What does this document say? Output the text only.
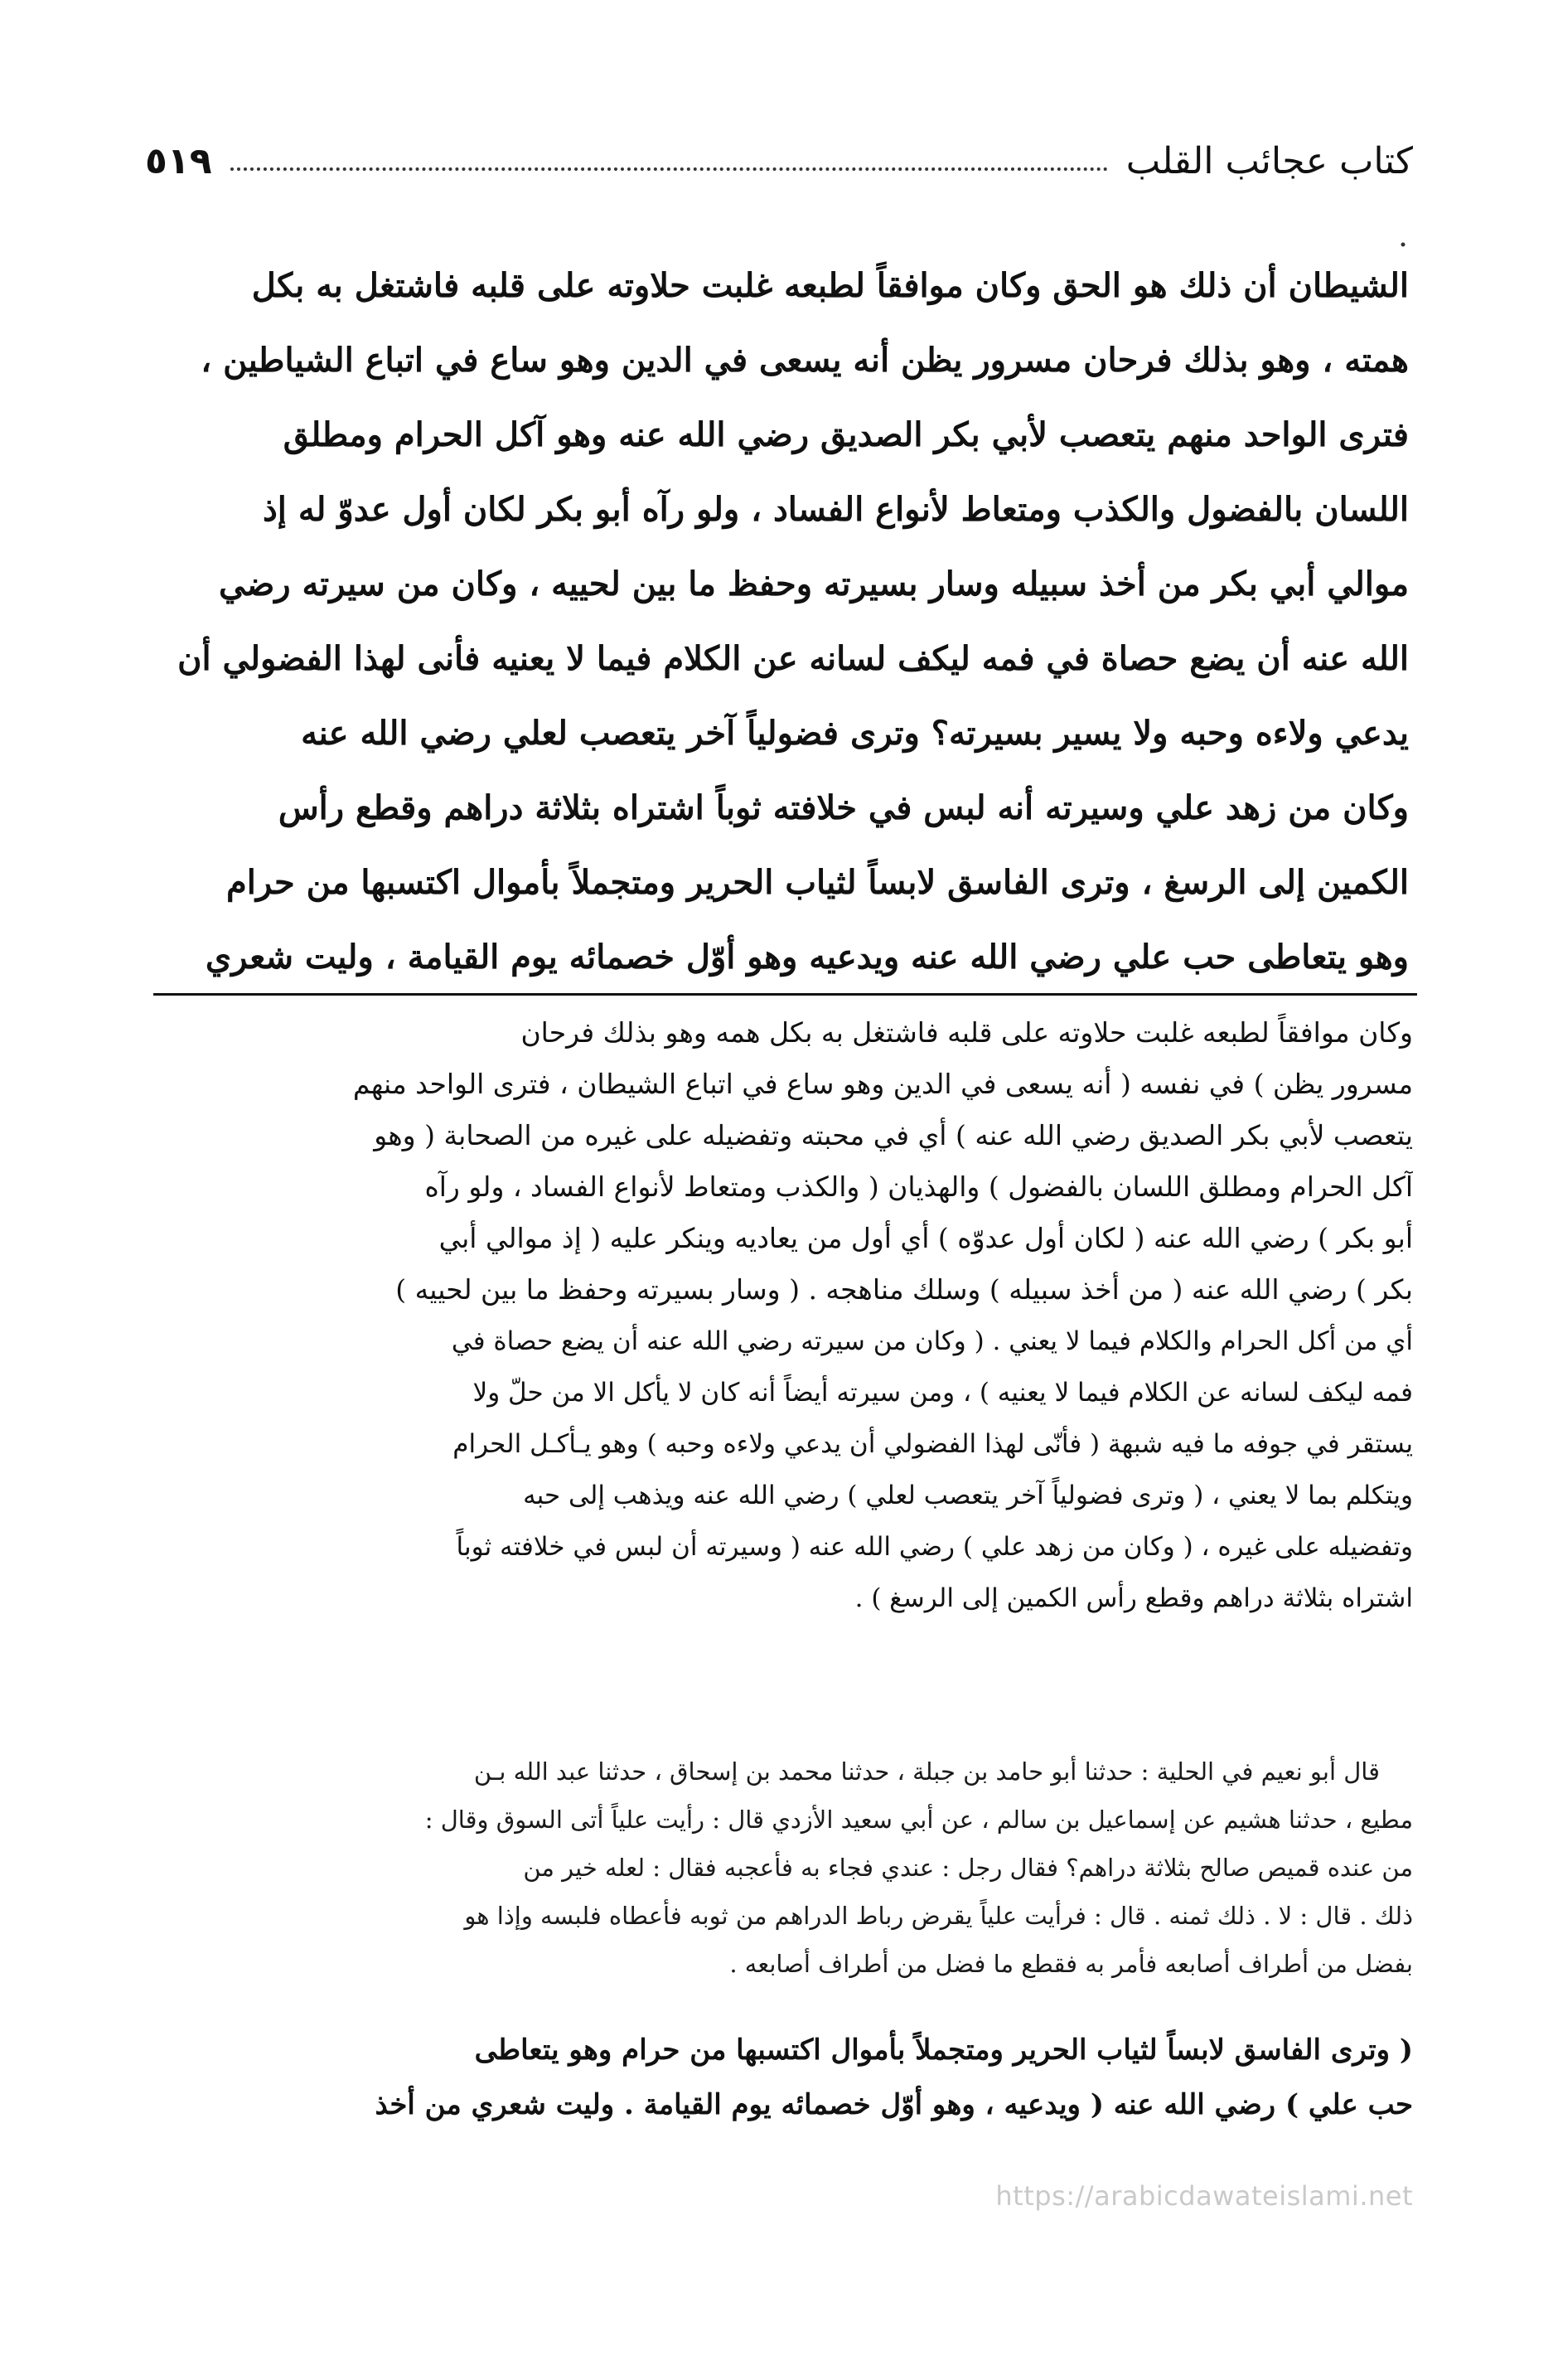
٥١٩	كتاب عجائب القلب
الشيطان أن ذلك هو الحق وكان موافقاً لطبعه غلبت حلاوته على قلبه فاشتغل به بكل
همته ، وهو بذلك فرحان مسرور يظن أنه يسعى في الدين وهو ساع في اتباع الشياطين ،
فترى الواحد منهم يتعصب لأبي بكر الصديق رضي الله عنه وهو آكل الحرام ومطلق
اللسان بالفضول والكذب ومتعاط لأنواع الفساد ، ولو رآه أبو بكر لكان أول عدوّ له إذ
موالي أبي بكر من أخذ سبيله وسار بسيرته وحفظ ما بين لحييه ، وكان من سيرته رضي
الله عنه أن يضع حصاة في فمه ليكف لسانه عن الكلام فيما لا يعنيه فأنى لهذا الفضولي أن
يدعي ولاءه وحبه ولا يسير بسيرته؟ وترى فضولياً آخر يتعصب لعلي رضي الله عنه
وكان من زهد علي وسيرته أنه لبس في خلافته ثوباً اشتراه بثلاثة دراهم وقطع رأس
الكمين إلى الرسغ ، وترى الفاسق لابساً لثياب الحرير ومتجملاً بأموال اكتسبها من حرام
وهو يتعاطى حب علي رضي الله عنه ويدعيه وهو أوّل خصمائه يوم القيامة ، وليت شعري
وكان موافقاً لطبعه غلبت حلاوته على قلبه فاشتغل به بكل همه وهو بذلك فرحان
مسرور يظن ) في نفسه ( أنه يسعى في الدين وهو ساع في اتباع الشيطان ، فترى الواحد منهم
يتعصب لأبي بكر الصديق رضي الله عنه ) أي في محبته وتفضيله على غيره من الصحابة ( وهو
آكل الحرام ومطلق اللسان بالفضول ) والهذيان ( والكذب ومتعاط لأنواع الفساد ، ولو رآه
أبو بكر ) رضي الله عنه ( لكان أول عدوّه ) أي أول من يعاديه وينكر عليه ( إذ موالي أبي
بكر ) رضي الله عنه ( من أخذ سبيله ) وسلك مناهجه . ( وسار بسيرته وحفظ ما بين لحييه )
أي من أكل الحرام والكلام فيما لا يعني . ( وكان من سيرته رضي الله عنه أن يضع حصاة في
فمه ليكف لسانه عن الكلام فيما لا يعنيه ) ، ومن سيرته أيضاً أنه كان لا يأكل الا من حلّ ولا
يستقر في جوفه ما فيه شبهة ( فأنّى لهذا الفضولي أن يدعي ولاءه وحبه ) وهو يـأكـل الحرام
ويتكلم بما لا يعني ، ( وترى فضولياً آخر يتعصب لعلي ) رضي الله عنه ويذهب إلى حبه
وتفضيله على غيره ، ( وكان من زهد علي ) رضي الله عنه ( وسيرته أن لبس في خلافته ثوباً
اشتراه بثلاثة دراهم وقطع رأس الكمين إلى الرسغ ) .
قال أبو نعيم في الحلية : حدثنا أبو حامد بن جبلة ، حدثنا محمد بن إسحاق ، حدثنا عبد الله بـن
مطيع ، حدثنا هشيم عن إسماعيل بن سالم ، عن أبي سعيد الأزدي قال : رأيت علياً أتى السوق وقال :
من عنده قميص صالح بثلاثة دراهم؟ فقال رجل : عندي فجاء به فأعجبه فقال : لعله خير من
ذلك . قال : لا . ذلك ثمنه . قال : فرأيت علياً يقرض رباط الدراهم من ثوبه فأعطاه فلبسه وإذا هو
بفضل من أطراف أصابعه فأمر به فقطع ما فضل من أطراف أصابعه .
( وترى الفاسق لابساً لثياب الحرير ومتجملاً بأموال اكتسبها من حرام وهو يتعاطى
حب علي ) رضي الله عنه ( ويدعيه ، وهو أوّل خصمائه يوم القيامة . وليت شعري من أخذ
https://arabicdawateislami.net
